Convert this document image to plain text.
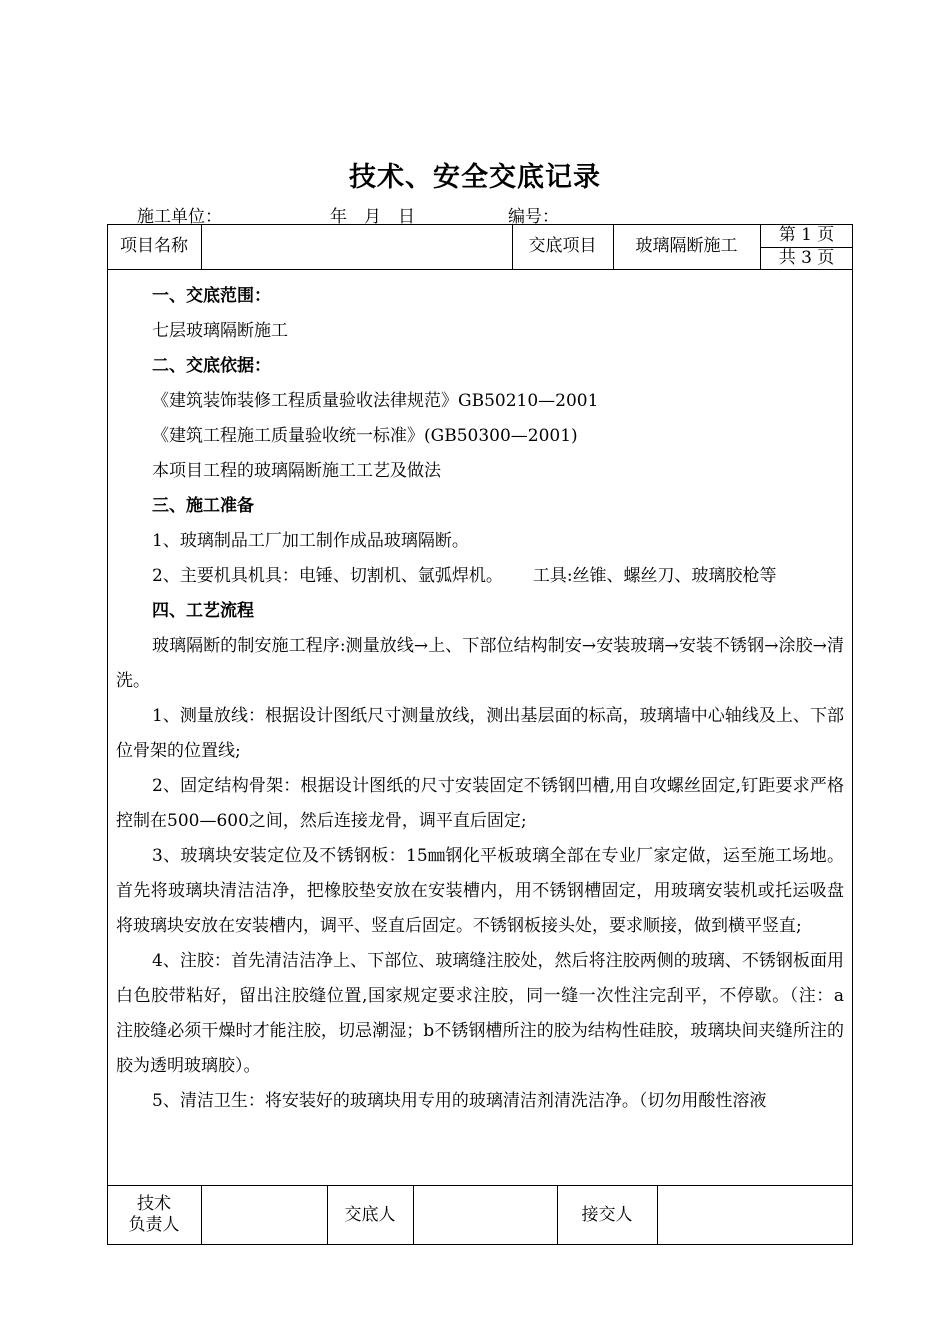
技术、安全交底记录
施工单位：	年　月　日	编号：
项目名称	交底项目	玻璃隔断施工
第 1 页
共 3 页

一、交底范围：

七层玻璃隔断施工

二、交底依据：

《建筑装饰装修工程质量验收法律规范》GB50210—2001

《建筑工程施工质量验收统一标准》(GB50300—2001)

本项目工程的玻璃隔断施工工艺及做法

三、施工准备

1、玻璃制品工厂加工制作成品玻璃隔断。

2、主要机具机具：电锤、切割机、氩弧焊机。 工具:丝锥、螺丝刀、玻璃胶枪等

四、工艺流程

玻璃隔断的制安施工程序:测量放线→上、下部位结构制安→安装玻璃→安装不锈钢→涂胶→清洗。

1、测量放线：根据设计图纸尺寸测量放线，测出基层面的标高，玻璃墙中心轴线及上、下部位骨架的位置线;

2、固定结构骨架：根据设计图纸的尺寸安装固定不锈钢凹槽,用自攻螺丝固定,钉距要求严格控制在500—600之间，然后连接龙骨，调平直后固定;

3、玻璃块安装定位及不锈钢板：15㎜钢化平板玻璃全部在专业厂家定做，运至施工场地。首先将玻璃块清洁洁净，把橡胶垫安放在安装槽内，用不锈钢槽固定，用玻璃安装机或托运吸盘将玻璃块安放在安装槽内，调平、竖直后固定。不锈钢板接头处，要求顺接，做到横平竖直;

4、注胶：首先清洁洁净上、下部位、玻璃缝注胶处，然后将注胶两侧的玻璃、不锈钢板面用白色胶带粘好，留出注胶缝位置,国家规定要求注胶，同一缝一次性注完刮平，不停歇。（注：a　注胶缝必须干燥时才能注胶，切忌潮湿；b不锈钢槽所注的胶为结构性硅胶，玻璃块间夹缝所注的胶为透明玻璃胶）。

5、清洁卫生：将安装好的玻璃块用专用的玻璃清洁剂清洗洁净。（切勿用酸性溶液

技术
负责人
交底人	接交人
